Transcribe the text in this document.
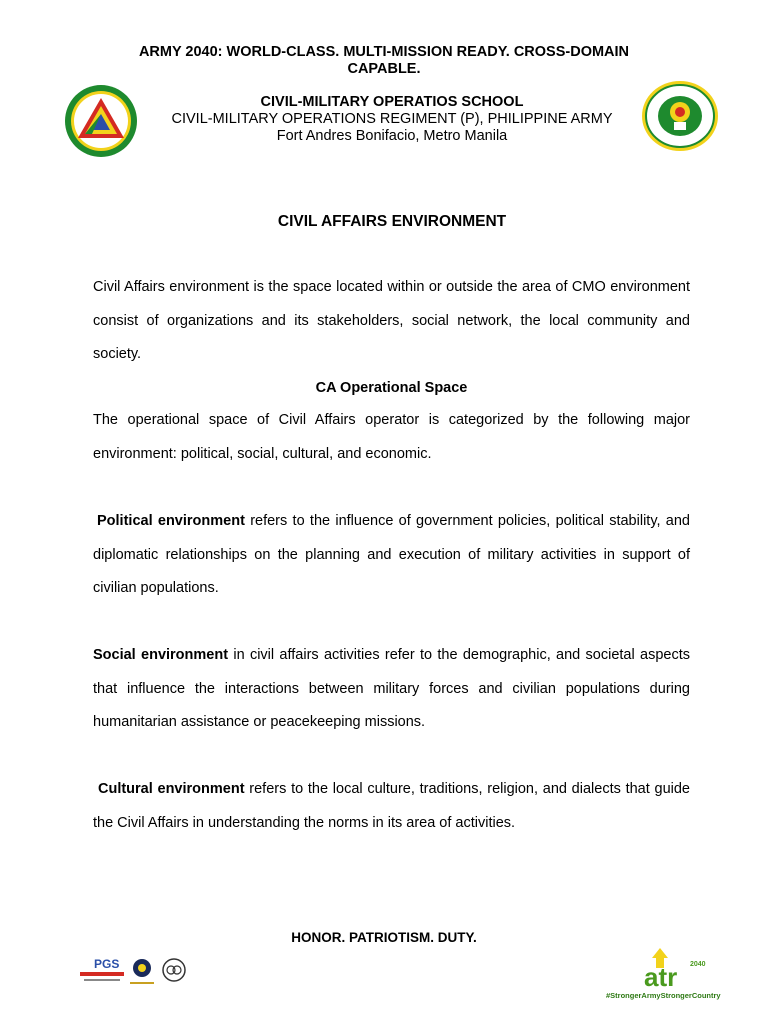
ARMY 2040: WORLD-CLASS. MULTI-MISSION READY. CROSS-DOMAIN CAPABLE.
CIVIL-MILITARY OPERATIOS SCHOOL
CIVIL-MILITARY OPERATIONS REGIMENT (P), PHILIPPINE ARMY
Fort Andres Bonifacio, Metro Manila
CIVIL AFFAIRS ENVIRONMENT
Civil Affairs environment is the space located within or outside the area of CMO environment consist of organizations and its stakeholders, social network, the local community and society.
CA Operational Space
The operational space of Civil Affairs operator is categorized by the following major environment: political, social, cultural, and economic.
Political environment refers to the influence of government policies, political stability, and diplomatic relationships on the planning and execution of military activities in support of civilian populations.
Social environment in civil affairs activities refer to the demographic, and societal aspects that influence the interactions between military forces and civilian populations during humanitarian assistance or peacekeeping missions.
Cultural environment refers to the local culture, traditions, religion, and dialects that guide the Civil Affairs in understanding the norms in its area of activities.
HONOR. PATRIOTISM. DUTY.
PGS	atr 2040
#StrongerArmyStrongerCountry
